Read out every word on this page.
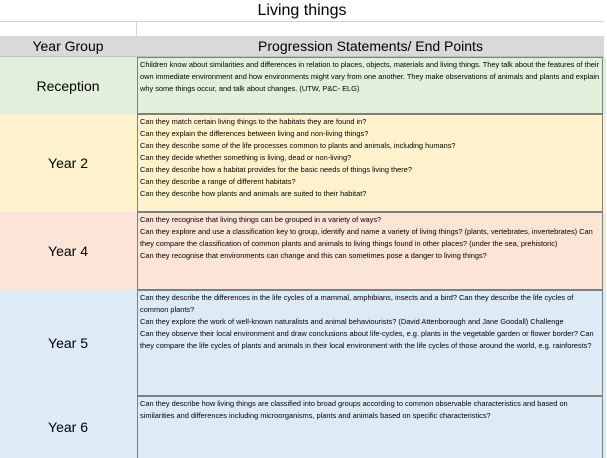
Living things
Year Group	Progression Statements/ End Points
Reception
Children know about similarities and differences in relation to places, objects, materials and living things. They talk about the features of their own immediate environment and how environments might vary from one another. They make observations of animals and plants and explain why some things occur, and talk about changes. (UTW, P&C- ELG)
Year 2
Can they match certain living things to the habitats they are found in?
Can they explain the differences between living and non-living things?
Can they describe some of the life processes common to plants and animals, including humans?
Can they decide whether something is living, dead or non-living?
Can they describe how a habitat provides for the basic needs of things living there?
Can they describe a range of different habitats?
Can they describe how plants and animals are suited to their habitat?
Year 4
Can they recognise that living things can be grouped in a variety of ways?
Can they explore and use a classification key to group, identify and name a variety of living things? (plants, vertebrates, invertebrates) Can they compare the classification of common plants and animals to living things found in other places? (under the sea, prehistoric)
Can they recognise that environments can change and this can sometimes pose a danger to living things?
Year 5
Can they describe the differences in the life cycles of a mammal, amphibians, insects and a bird? Can they describe the life cycles of common plants?
Can they explore the work of well-known naturalists and animal behaviourists? (David Attenborough and Jane Goodall) Challenge
Can they observe their local environment and draw conclusions about life-cycles, e.g. plants in the vegetable garden or flower border? Can they compare the life cycles of plants and animals in their local environment with the life cycles of those around the world, e.g. rainforests?
Year 6
Can they describe how living things are classified into broad groups according to common observable characteristics and based on similarities and differences including microorganisms, plants and animals based on specific characteristics?
